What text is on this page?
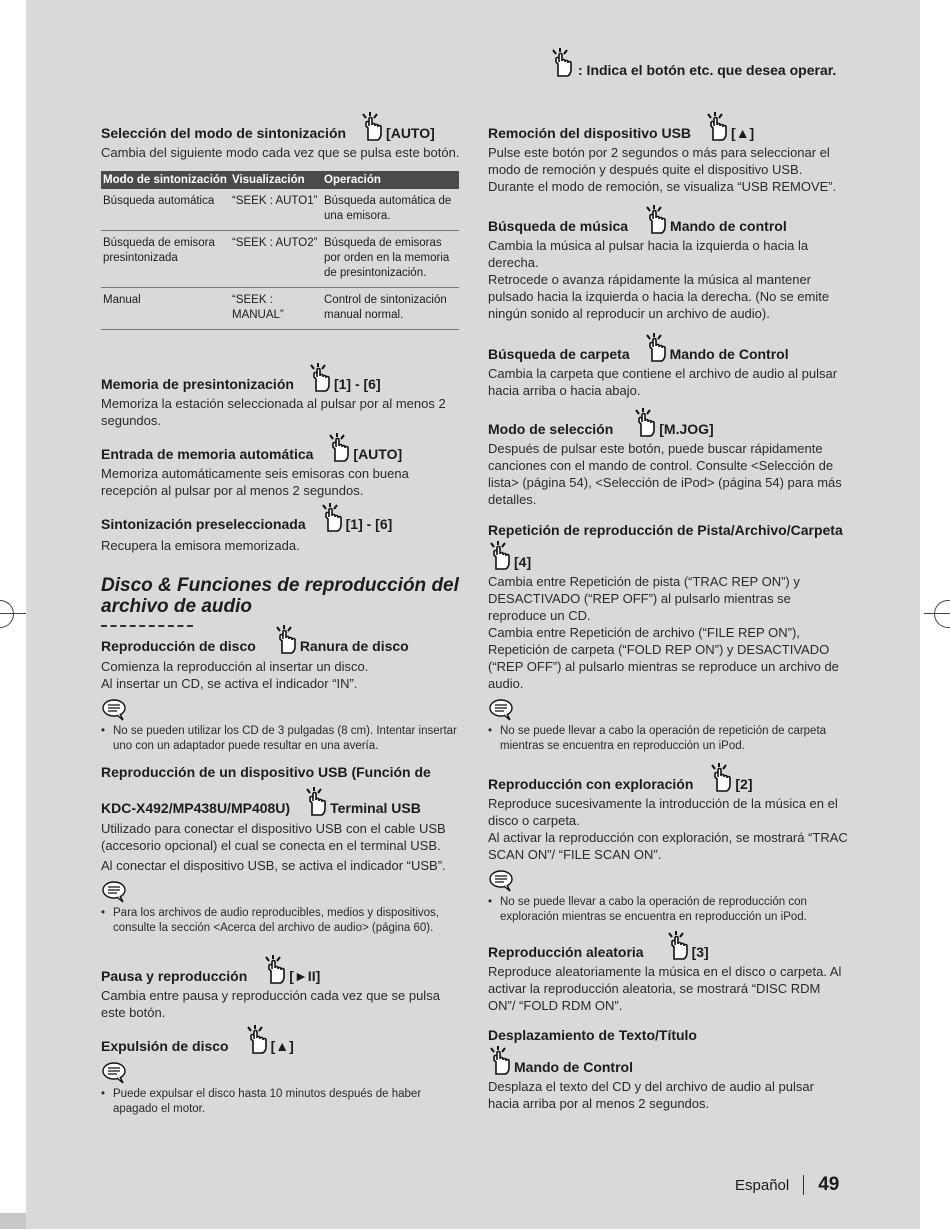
: Indica el botón etc. que desea operar.
Selección del modo de sintonización	[AUTO]
Cambia del siguiente modo cada vez que se pulsa este botón.
Modo de sintonización	Visualización	Operación
Búsqueda automática	“SEEK : AUTO1”	Búsqueda automática de una emisora.
Búsqueda de emisora presintonizada	“SEEK : AUTO2”	Búsqueda de emisoras por orden en la memoria de presintonización.
Manual	“SEEK : MANUAL”	Control de sintonización manual normal.
Memoria de presintonización	[1] - [6]
Memoriza la estación seleccionada al pulsar por al menos 2 segundos.
Entrada de memoria automática	[AUTO]
Memoriza automáticamente seis emisoras con buena recepción al pulsar por al menos 2 segundos.
Sintonización preseleccionada	[1] - [6]
Recupera la emisora memorizada.
Disco & Funciones de reproducción del archivo de audio
Reproducción de disco	Ranura de disco
Comienza la reproducción al insertar un disco.
Al insertar un CD, se activa el indicador “IN”.
• No se pueden utilizar los CD de 3 pulgadas (8 cm). Intentar insertar uno con un adaptador puede resultar en una avería.
Reproducción de un dispositivo USB (Función de
KDC-X492/MP438U/MP408U)	Terminal USB
Utilizado para conectar el dispositivo USB con el cable USB (accesorio opcional) el cual se conecta en el terminal USB.
Al conectar el dispositivo USB, se activa el indicador “USB”.
• Para los archivos de audio reproducibles, medios y dispositivos, consulte la sección <Acerca del archivo de audio> (página 60).
Pausa y reproducción	[►II]
Cambia entre pausa y reproducción cada vez que se pulsa este botón.
Expulsión de disco	[▲]
• Puede expulsar el disco hasta 10 minutos después de haber apagado el motor.
Remoción del dispositivo USB	[▲]
Pulse este botón por 2 segundos o más para seleccionar el modo de remoción y después quite el dispositivo USB. Durante el modo de remoción, se visualiza “USB REMOVE”.
Búsqueda de música	Mando de control
Cambia la música al pulsar hacia la izquierda o hacia la derecha.
Retrocede o avanza rápidamente la música al mantener pulsado hacia la izquierda o hacia la derecha. (No se emite ningún sonido al reproducir un archivo de audio).
Búsqueda de carpeta	Mando de Control
Cambia la carpeta que contiene el archivo de audio al pulsar hacia arriba o hacia abajo.
Modo de selección	[M.JOG]
Después de pulsar este botón, puede buscar rápidamente canciones con el mando de control. Consulte <Selección de lista> (página 54), <Selección de iPod> (página 54) para más detalles.
Repetición de reproducción de Pista/Archivo/Carpeta
[4]
Cambia entre Repetición de pista (“TRAC REP ON”) y DESACTIVADO (“REP OFF”) al pulsarlo mientras se reproduce un CD.
Cambia entre Repetición de archivo (“FILE REP ON”), Repetición de carpeta (“FOLD REP ON”) y DESACTIVADO (“REP OFF”) al pulsarlo mientras se reproduce un archivo de audio.
• No se puede llevar a cabo la operación de repetición de carpeta mientras se encuentra en reproducción un iPod.
Reproducción con exploración	[2]
Reproduce sucesivamente la introducción de la música en el disco o carpeta.
Al activar la reproducción con exploración, se mostrará “TRAC SCAN ON”/ “FILE SCAN ON”.
• No se puede llevar a cabo la operación de reproducción con exploración mientras se encuentra en reproducción un iPod.
Reproducción aleatoria	[3]
Reproduce aleatoriamente la música en el disco o carpeta. Al activar la reproducción aleatoria, se mostrará “DISC RDM ON”/ “FOLD RDM ON”.
Desplazamiento de Texto/Título
Mando de Control
Desplaza el texto del CD y del archivo de audio al pulsar hacia arriba por al menos 2 segundos.
Español 49
